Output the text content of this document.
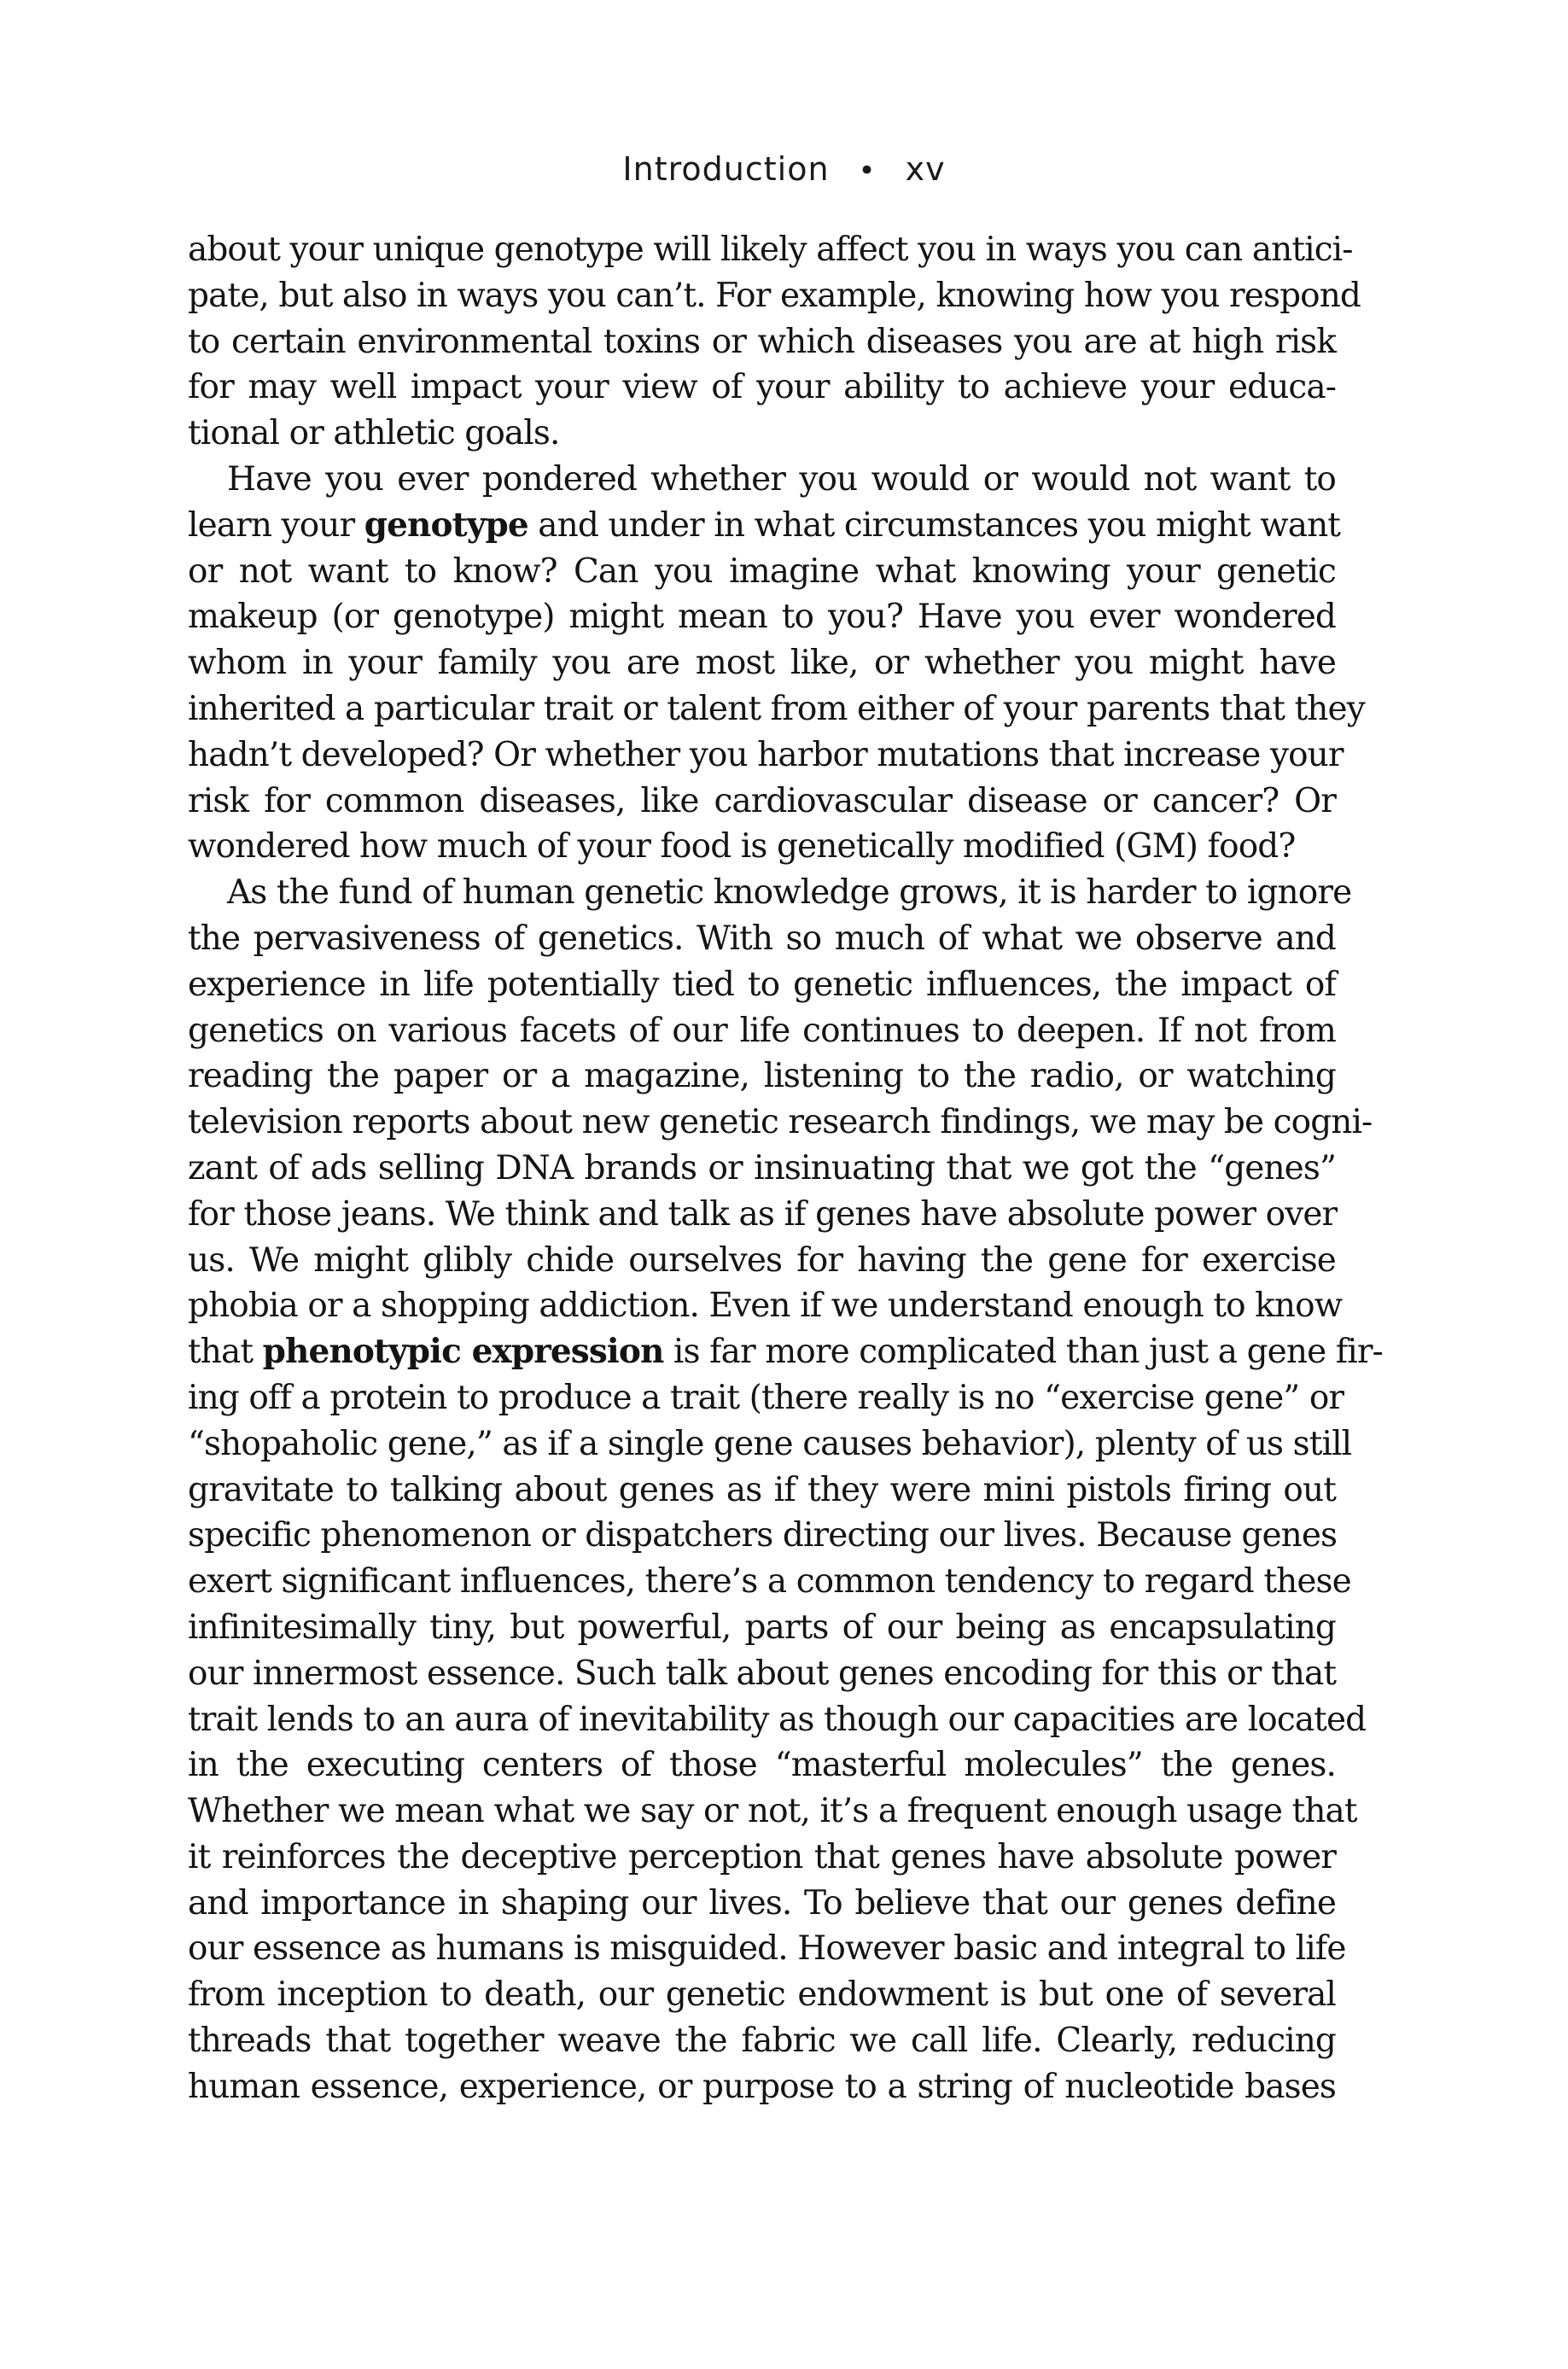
Introduction • xv
about your unique genotype will likely affect you in ways you can antici-
pate, but also in ways you can’t. For example, knowing how you respond
to certain environmental toxins or which diseases you are at high risk
for may well impact your view of your ability to achieve your educa-
tional or athletic goals.
Have you ever pondered whether you would or would not want to
learn your genotype and under in what circumstances you might want
or not want to know? Can you imagine what knowing your genetic
makeup (or genotype) might mean to you? Have you ever wondered
whom in your family you are most like, or whether you might have
inherited a particular trait or talent from either of your parents that they
hadn’t developed? Or whether you harbor mutations that increase your
risk for common diseases, like cardiovascular disease or cancer? Or
wondered how much of your food is genetically modified (GM) food?
As the fund of human genetic knowledge grows, it is harder to ignore
the pervasiveness of genetics. With so much of what we observe and
experience in life potentially tied to genetic influences, the impact of
genetics on various facets of our life continues to deepen. If not from
reading the paper or a magazine, listening to the radio, or watching
television reports about new genetic research findings, we may be cogni-
zant of ads selling DNA brands or insinuating that we got the “genes”
for those jeans. We think and talk as if genes have absolute power over
us. We might glibly chide ourselves for having the gene for exercise
phobia or a shopping addiction. Even if we understand enough to know
that phenotypic expression is far more complicated than just a gene fir-
ing off a protein to produce a trait (there really is no “exercise gene” or
“shopaholic gene,” as if a single gene causes behavior), plenty of us still
gravitate to talking about genes as if they were mini pistols firing out
specific phenomenon or dispatchers directing our lives. Because genes
exert significant influences, there’s a common tendency to regard these
infinitesimally tiny, but powerful, parts of our being as encapsulating
our innermost essence. Such talk about genes encoding for this or that
trait lends to an aura of inevitability as though our capacities are located
in the executing centers of those “masterful molecules” the genes.
Whether we mean what we say or not, it’s a frequent enough usage that
it reinforces the deceptive perception that genes have absolute power
and importance in shaping our lives. To believe that our genes define
our essence as humans is misguided. However basic and integral to life
from inception to death, our genetic endowment is but one of several
threads that together weave the fabric we call life. Clearly, reducing
human essence, experience, or purpose to a string of nucleotide bases
